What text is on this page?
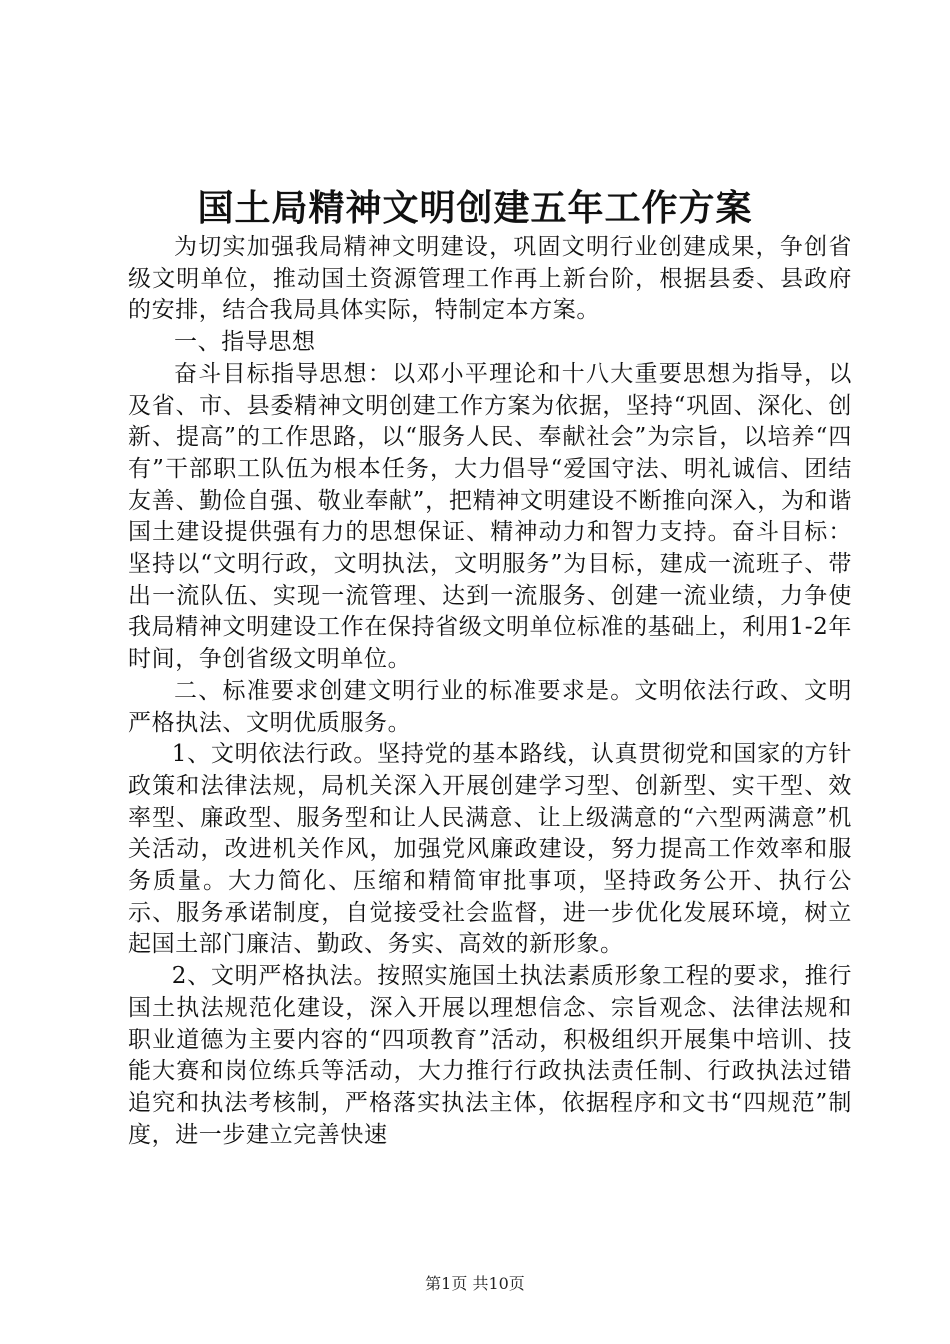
国土局精神文明创建五年工作方案

为切实加强我局精神文明建设，巩固文明行业创建成果，争创省级文明单位，推动国土资源管理工作再上新台阶，根据县委、县政府的安排，结合我局具体实际，特制定本方案。

一、指导思想

奋斗目标指导思想：以邓小平理论和十八大重要思想为指导，以及省、市、县委精神文明创建工作方案为依据，坚持“巩固、深化、创新、提高”的工作思路，以“服务人民、奉献社会”为宗旨，以培养“四有”干部职工队伍为根本任务，大力倡导“爱国守法、明礼诚信、团结友善、勤俭自强、敬业奉献”，把精神文明建设不断推向深入，为和谐国土建设提供强有力的思想保证、精神动力和智力支持。奋斗目标：坚持以“文明行政，文明执法，文明服务”为目标，建成一流班子、带出一流队伍、实现一流管理、达到一流服务、创建一流业绩，力争使我局精神文明建设工作在保持省级文明单位标准的基础上，利用1-2年时间，争创省级文明单位。

二、标准要求创建文明行业的标准要求是。文明依法行政、文明严格执法、文明优质服务。

1、文明依法行政。坚持党的基本路线，认真贯彻党和国家的方针政策和法律法规，局机关深入开展创建学习型、创新型、实干型、效率型、廉政型、服务型和让人民满意、让上级满意的“六型两满意”机关活动，改进机关作风，加强党风廉政建设，努力提高工作效率和服务质量。大力简化、压缩和精简审批事项，坚持政务公开、执行公示、服务承诺制度，自觉接受社会监督，进一步优化发展环境，树立起国土部门廉洁、勤政、务实、高效的新形象。

2、文明严格执法。按照实施国土执法素质形象工程的要求，推行国土执法规范化建设，深入开展以理想信念、宗旨观念、法律法规和职业道德为主要内容的“四项教育”活动，积极组织开展集中培训、技能大赛和岗位练兵等活动，大力推行行政执法责任制、行政执法过错追究和执法考核制，严格落实执法主体，依据程序和文书“四规范”制度，进一步建立完善快速

第1页 共10页
